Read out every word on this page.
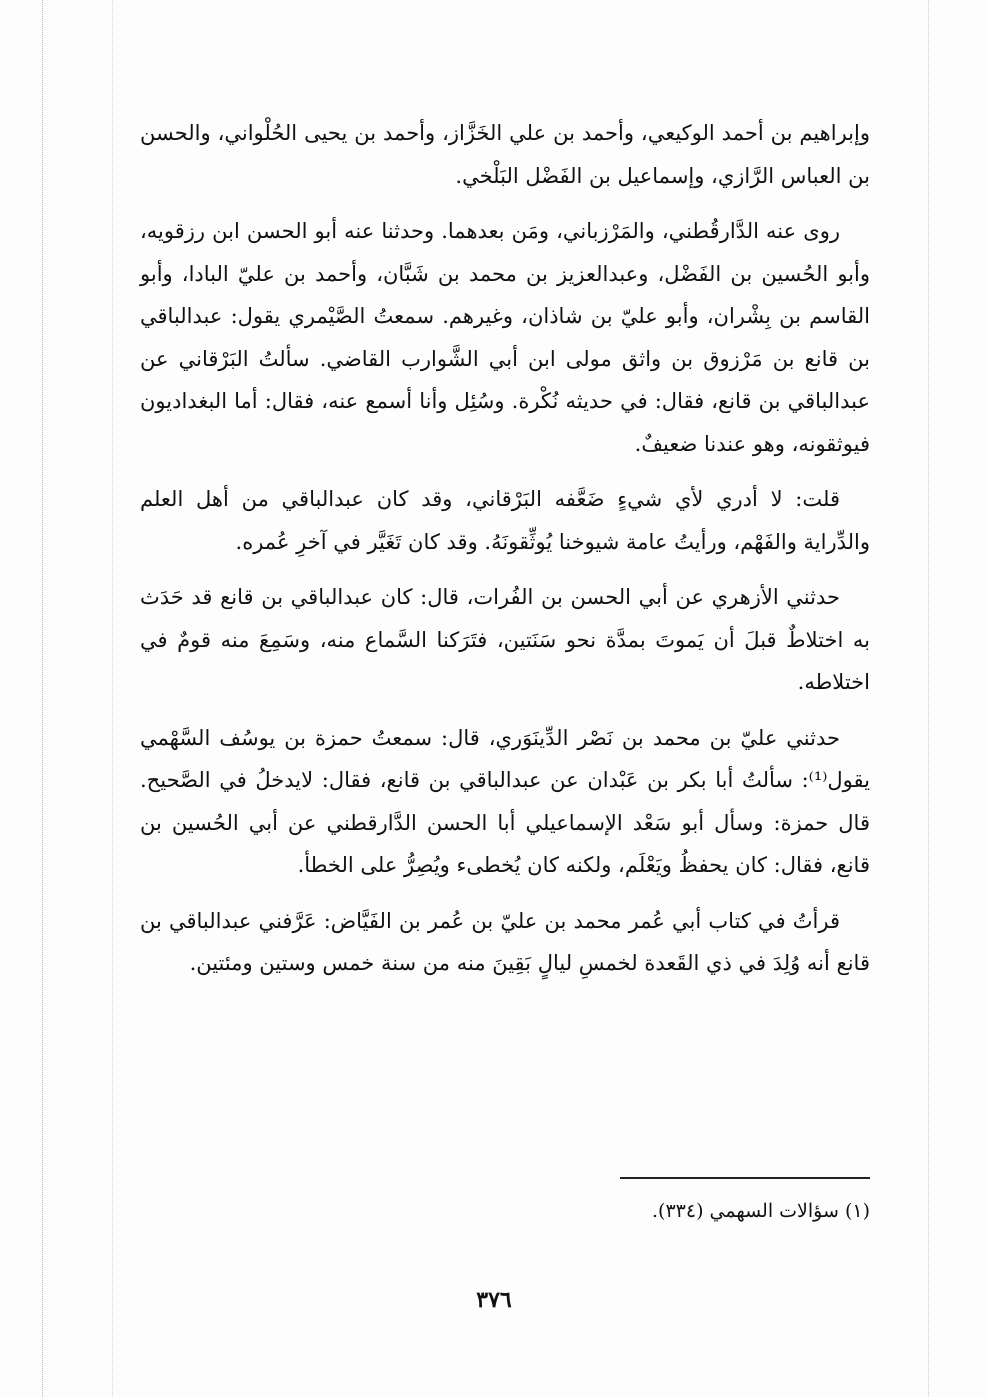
وإبراهيم بن أحمد الوكيعي، وأحمد بن علي الخَزَّاز، وأحمد بن يحيى الحُلْواني، والحسن بن العباس الرَّازي، وإسماعيل بن الفَضْل البَلْخي.

روى عنه الدَّارقُطني، والمَرْزباني، ومَن بعدهما. وحدثنا عنه أبو الحسن ابن رزقويه، وأبو الحُسين بن الفَضْل، وعبدالعزيز بن محمد بن شَبَّان، وأحمد بن عليّ البادا، وأبو القاسم بن بِشْران، وأبو عليّ بن شاذان، وغيرهم. سمعتُ الصَّيْمري يقول: عبدالباقي بن قانع بن مَرْزوق بن واثق مولى ابن أبي الشَّوارب القاضي. سألتُ البَرْقاني عن عبدالباقي بن قانع، فقال: في حديثه نُكْرة. وسُئِل وأنا أسمع عنه، فقال: أما البغداديون فيوثقونه، وهو عندنا ضعيفٌ.

قلت: لا أدري لأي شيءٍ ضَعَّفه البَرْقاني، وقد كان عبدالباقي من أهل العلم والدِّراية والفَهْم، ورأيتُ عامة شيوخنا يُوثِّقونَهُ. وقد كان تَغَيَّر في آخرِ عُمره.

حدثني الأزهري عن أبي الحسن بن الفُرات، قال: كان عبدالباقي بن قانع قد حَدَث به اختلاطٌ قبلَ أن يَموتَ بمدَّة نحو سَنَتين، فتَرَكنا السَّماع منه، وسَمِعَ منه قومٌ في اختلاطه.

حدثني عليّ بن محمد بن نَصْر الدِّينَوَري، قال: سمعتُ حمزة بن يوسُف السَّهْمي يقول⁽¹⁾: سألتُ أبا بكر بن عَبْدان عن عبدالباقي بن قانع، فقال: لايدخلُ في الصَّحيح. قال حمزة: وسأل أبو سَعْد الإسماعيلي أبا الحسن الدَّارقطني عن أبي الحُسين بن قانع، فقال: كان يحفظُ ويَعْلَم، ولكنه كان يُخطىء ويُصِرُّ على الخطأ.

قرأتُ في كتاب أبي عُمر محمد بن عليّ بن عُمر بن الفَيَّاض: عَرَّفني عبدالباقي بن قانع أنه وُلِدَ في ذي القَعدة لخمسِ ليالٍ بَقِينَ منه من سنة خمس وستين ومئتين.

(١) سؤالات السهمي (٣٣٤).
٣٧٦
